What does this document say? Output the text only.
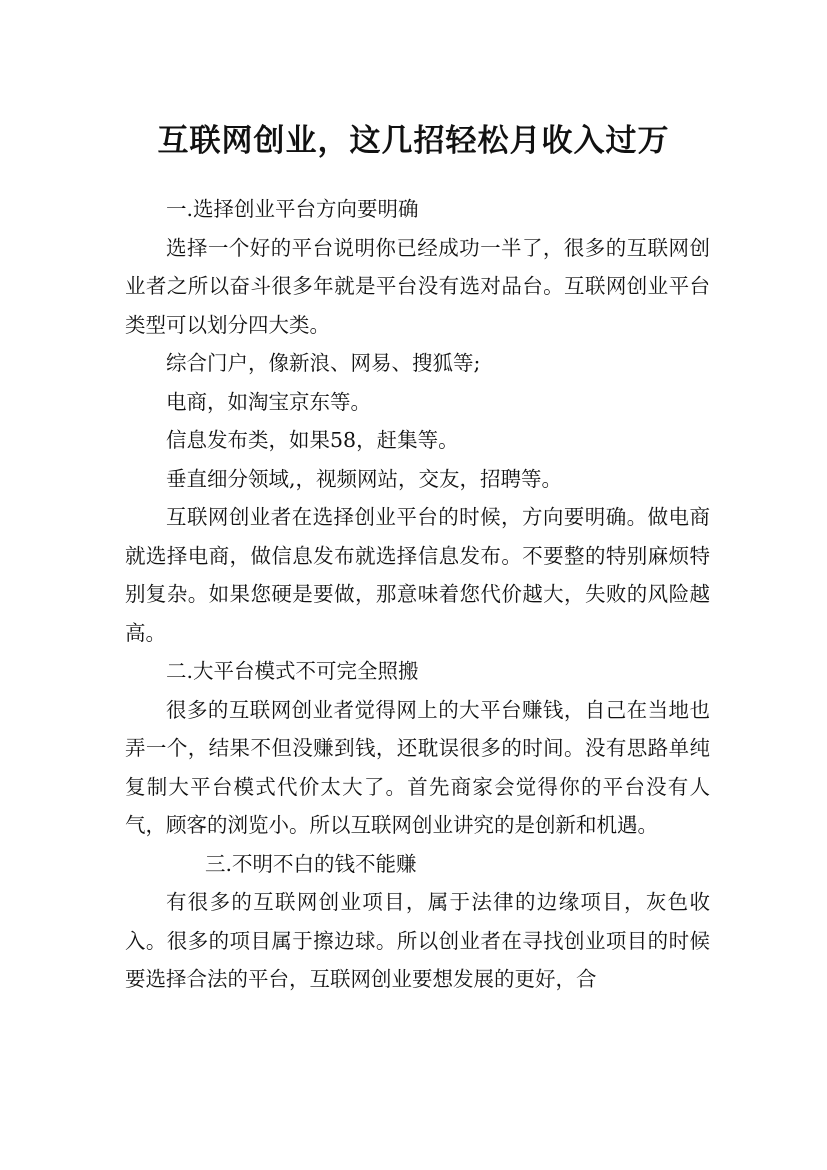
互联网创业，这几招轻松月收入过万

一.选择创业平台方向要明确

选择一个好的平台说明你已经成功一半了，很多的互联网创业者之所以奋斗很多年就是平台没有选对品台。互联网创业平台类型可以划分四大类。

综合门户，像新浪、网易、搜狐等;

电商，如淘宝京东等。

信息发布类，如果58，赶集等。

垂直细分领域,，视频网站，交友，招聘等。

互联网创业者在选择创业平台的时候，方向要明确。做电商就选择电商，做信息发布就选择信息发布。不要整的特别麻烦特别复杂。如果您硬是要做，那意味着您代价越大，失败的风险越高。

二.大平台模式不可完全照搬

很多的互联网创业者觉得网上的大平台赚钱，自己在当地也弄一个，结果不但没赚到钱，还耽误很多的时间。没有思路单纯复制大平台模式代价太大了。首先商家会觉得你的平台没有人气，顾客的浏览小。所以互联网创业讲究的是创新和机遇。

三.不明不白的钱不能赚

有很多的互联网创业项目，属于法律的边缘项目，灰色收入。很多的项目属于擦边球。所以创业者在寻找创业项目的时候要选择合法的平台，互联网创业要想发展的更好，合
